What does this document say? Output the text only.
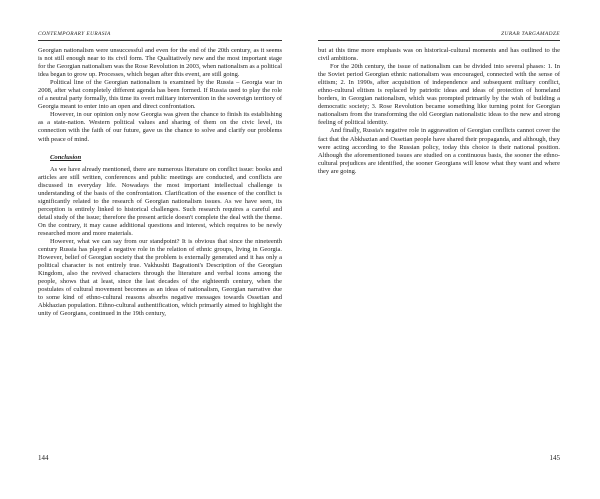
CONTEMPORARY EURASIA

Georgian nationalism were unsuccessful and even for the end of the 20th century, as it seems is not still enough near to its civil form. The Qualitatively new and the most important stage for the Georgian nationalism was the Rose Revolution in 2003, when nationalism as a political idea began to grow up. Processes, which began after this event, are still going.

Political line of the Georgian nationalism is examined by the Russia – Georgia war in 2008, after what completely different agenda has been formed. If Russia used to play the role of a neutral party formally, this time its overt military intervention in the sovereign territory of Georgia meant to enter into an open and direct confrontation.

However, in our opinion only now Georgia was given the chance to finish its establishing as a state-nation. Western political values and sharing of them on the civic level, its connection with the faith of our future, gave us the chance to solve and clarify our problems with peace of mind.

Conclusion

As we have already mentioned, there are numerous literature on conflict issue: books and articles are still written, conferences and public meetings are conducted, and conflicts are discussed in everyday life. Nowadays the most important intellectual challenge is understanding of the basis of the confrontation. Clarification of the essence of the conflict is significantly related to the research of Georgian nationalism issues. As we have seen, its perception is entirely linked to historical challenges. Such research requires a careful and detail study of the issue; therefore the present article doesn't complete the deal with the theme. On the contrary, it may cause additional questions and interest, which requires to be newly researched more and more materials.

However, what we can say from our standpoint? It is obvious that since the nineteenth century Russia has played a negative role in the relation of ethnic groups, living in Georgia. However, belief of Georgian society that the problem is externally generated and it has only a political character is not entirely true. Vakhushti Bagrationi's Description of the Georgian Kingdom, also the revived characters through the literature and verbal icons among the people, shows that at least, since the last decades of the eighteenth century, when the postulates of cultural movement becomes as an ideas of nationalism, Georgian narrative due to some kind of ethno-cultural reasons absorbs negative messages towards Ossetian and Abkhazian population. Ethno-cultural authentification, which primarily aimed to highlight the unity of Georgians, continued in the 19th century,

144
ZURAB TARGAMADZE

but at this time more emphasis was on historical-cultural moments and has outlined to the civil ambitions.

For the 20th century, the issue of nationalism can be divided into several phases: 1. In the Soviet period Georgian ethnic nationalism was encouraged, connected with the sense of elitism; 2. In 1990s, after acquisition of independence and subsequent military conflict, ethno-cultural elitism is replaced by patriotic ideas and ideas of protection of homeland borders, in Georgian nationalism, which was prompted primarily by the wish of building a democratic society; 3. Rose Revolution became something like turning point for Georgian nationalism from the transforming the old Georgian nationalistic ideas to the new and strong feeling of political identity.

And finally, Russia's negative role in aggravation of Georgian conflicts cannot cover the fact that the Abkhazian and Ossetian people have shared their propaganda, and although, they were acting according to the Russian policy, today this choice is their national position. Although the aforementioned issues are studied on a continuous basis, the sooner the ethno-cultural prejudices are identified, the sooner Georgians will know what they want and where they are going.

145
